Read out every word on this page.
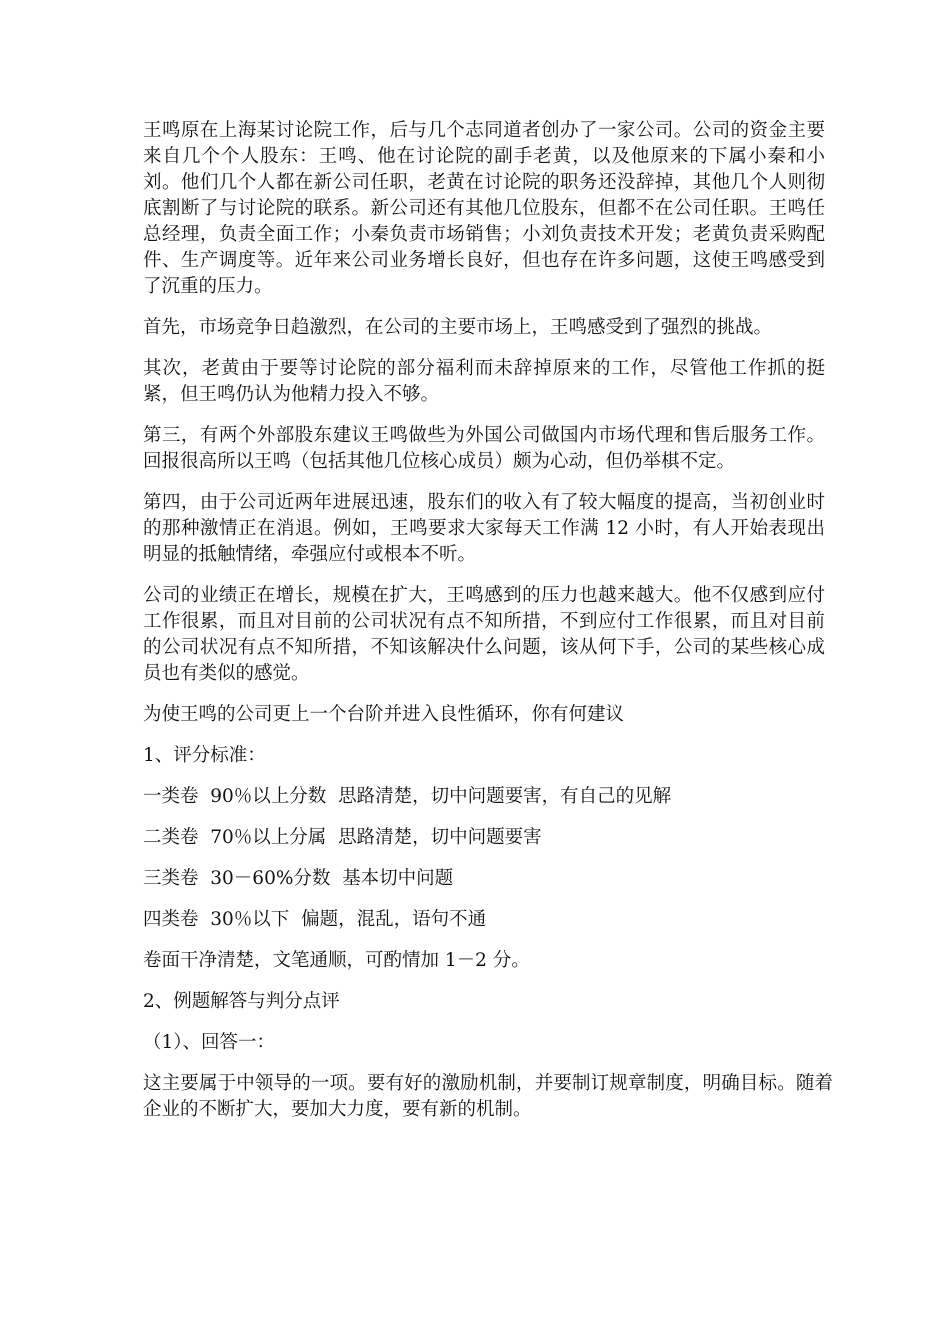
王鸣原在上海某讨论院工作，后与几个志同道者创办了一家公司。公司的资金主要来自几个个人股东：王鸣、他在讨论院的副手老黄，以及他原来的下属小秦和小刘。他们几个人都在新公司任职，老黄在讨论院的职务还没辞掉，其他几个人则彻底割断了与讨论院的联系。新公司还有其他几位股东，但都不在公司任职。王鸣任总经理，负责全面工作；小秦负责市场销售；小刘负责技术开发；老黄负责采购配件、生产调度等。近年来公司业务增长良好，但也存在许多问题，这使王鸣感受到了沉重的压力。

首先，市场竞争日趋激烈，在公司的主要市场上，王鸣感受到了强烈的挑战。

其次，老黄由于要等讨论院的部分福利而未辞掉原来的工作，尽管他工作抓的挺紧，但王鸣仍认为他精力投入不够。

第三，有两个外部股东建议王鸣做些为外国公司做国内市场代理和售后服务工作。回报很高所以王鸣（包括其他几位核心成员）颇为心动，但仍举棋不定。

第四，由于公司近两年进展迅速，股东们的收入有了较大幅度的提高，当初创业时的那种激情正在消退。例如，王鸣要求大家每天工作满 12 小时，有人开始表现出明显的抵触情绪，牵强应付或根本不听。

公司的业绩正在增长，规模在扩大，王鸣感到的压力也越来越大。他不仅感到应付工作很累，而且对目前的公司状况有点不知所措，不到应付工作很累，而且对目前的公司状况有点不知所措，不知该解决什么问题，该从何下手，公司的某些核心成员也有类似的感觉。

为使王鸣的公司更上一个台阶并进入良性循环，你有何建议

1、评分标准：

一类卷  90％以上分数  思路清楚，切中问题要害，有自己的见解

二类卷  70％以上分属  思路清楚，切中问题要害

三类卷  30－60%分数  基本切中问题

四类卷  30％以下  偏题，混乱，语句不通

卷面干净清楚，文笔通顺，可酌情加 1－2 分。

2、例题解答与判分点评

（1）、回答一：

这主要属于中领导的一项。要有好的激励机制，并要制订规章制度，明确目标。随着企业的不断扩大，要加大力度，要有新的机制。
